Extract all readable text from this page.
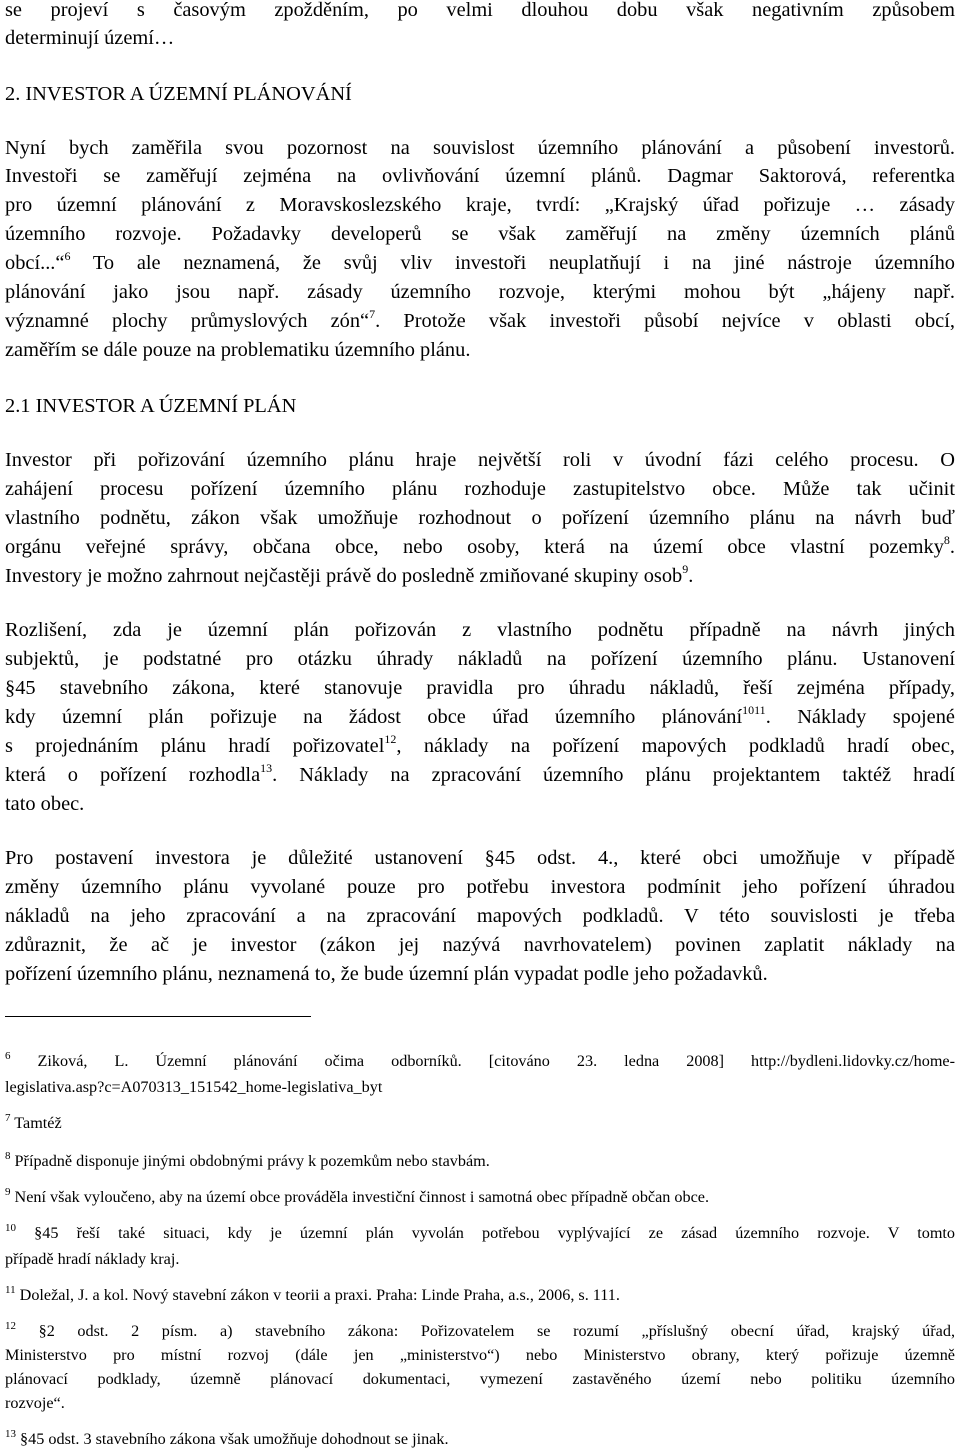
se projeví s časovým zpožděním, po velmi dlouhou dobu však negativním způsobem
determinují území…
2. INVESTOR A ÚZEMNÍ PLÁNOVÁNÍ
Nyní bych zaměřila svou pozornost na souvislost územního plánování a působení investorů.
Investoři se zaměřují zejména na ovlivňování územní plánů. Dagmar Saktorová, referentka
pro územní plánování z Moravskoslezského kraje, tvrdí: „Krajský úřad pořizuje … zásady
územního rozvoje. Požadavky developerů se však zaměřují na změny územních plánů
obcí...“$^6$ To ale neznamená, že svůj vliv investoři neuplatňují i na jiné nástroje územního
plánování jako jsou např. zásady územního rozvoje, kterými mohou být „hájeny např.
významné plochy průmyslových zón“$^7$. Protože však investoři působí nejvíce v oblasti obcí,
zaměřím se dále pouze na problematiku územního plánu.
2.1 INVESTOR A ÚZEMNÍ PLÁN
Investor při pořizování územního plánu hraje největší roli v úvodní fázi celého procesu. O
zahájení procesu pořízení územního plánu rozhoduje zastupitelstvo obce. Může tak učinit
vlastního podnětu, zákon však umožňuje rozhodnout o pořízení územního plánu na návrh buď
orgánu veřejné správy, občana obce, nebo osoby, která na území obce vlastní pozemky$^8$.
Investory je možno zahrnout nejčastěji právě do posledně zmiňované skupiny osob$^9$.
Rozlišení, zda je územní plán pořizován z vlastního podnětu případně na návrh jiných
subjektů, je podstatné pro otázku úhrady nákladů na pořízení územního plánu. Ustanovení
§45 stavebního zákona, které stanovuje pravidla pro úhradu nákladů, řeší zejména případy,
kdy územní plán pořizuje na žádost obce úřad územního plánování$^{1011}$. Náklady spojené
s projednáním plánu hradí pořizovatel$^{12}$, náklady na pořízení mapových podkladů hradí obec,
která o pořízení rozhodla$^{13}$. Náklady na zpracování územního plánu projektantem taktéž hradí
tato obec.
Pro postavení investora je důležité ustanovení §45 odst. 4., které obci umožňuje v případě
změny územního plánu vyvolané pouze pro potřebu investora podmínit jeho pořízení úhradou
nákladů na jeho zpracování a na zpracování mapových podkladů. V této souvislosti je třeba
zdůraznit, že ač je investor (zákon jej nazývá navrhovatelem) povinen zaplatit náklady na
pořízení územního plánu, neznamená to, že bude územní plán vypadat podle jeho požadavků.
$^6$ Ziková, L. Územní plánování očima odborníků. [citováno 23. ledna 2008] http://bydleni.lidovky.cz/home-
legislativa.asp?c=A070313_151542_home-legislativa_byt
$^7$ Tamtéž
$^8$ Případně disponuje jinými obdobnými právy k pozemkům nebo stavbám.
$^9$ Není však vyloučeno, aby na území obce prováděla investiční činnost i samotná obec případně občan obce.
$^{10}$ §45 řeší také situaci, kdy je územní plán vyvolán potřebou vyplývající ze zásad územního rozvoje. V tomto
případě hradí náklady kraj.
$^{11}$ Doležal, J. a kol. Nový stavební zákon v teorii a praxi. Praha: Linde Praha, a.s., 2006, s. 111.
$^{12}$ §2 odst. 2 písm. a) stavebního zákona: Pořizovatelem se rozumí „příslušný obecní úřad, krajský úřad,
Ministerstvo pro místní rozvoj (dále jen „ministerstvo“) nebo Ministerstvo obrany, který pořizuje územně
plánovací podklady, územně plánovací dokumentaci, vymezení zastavěného území nebo politiku územního
rozvoje“.
$^{13}$ §45 odst. 3 stavebního zákona však umožňuje dohodnout se jinak.
